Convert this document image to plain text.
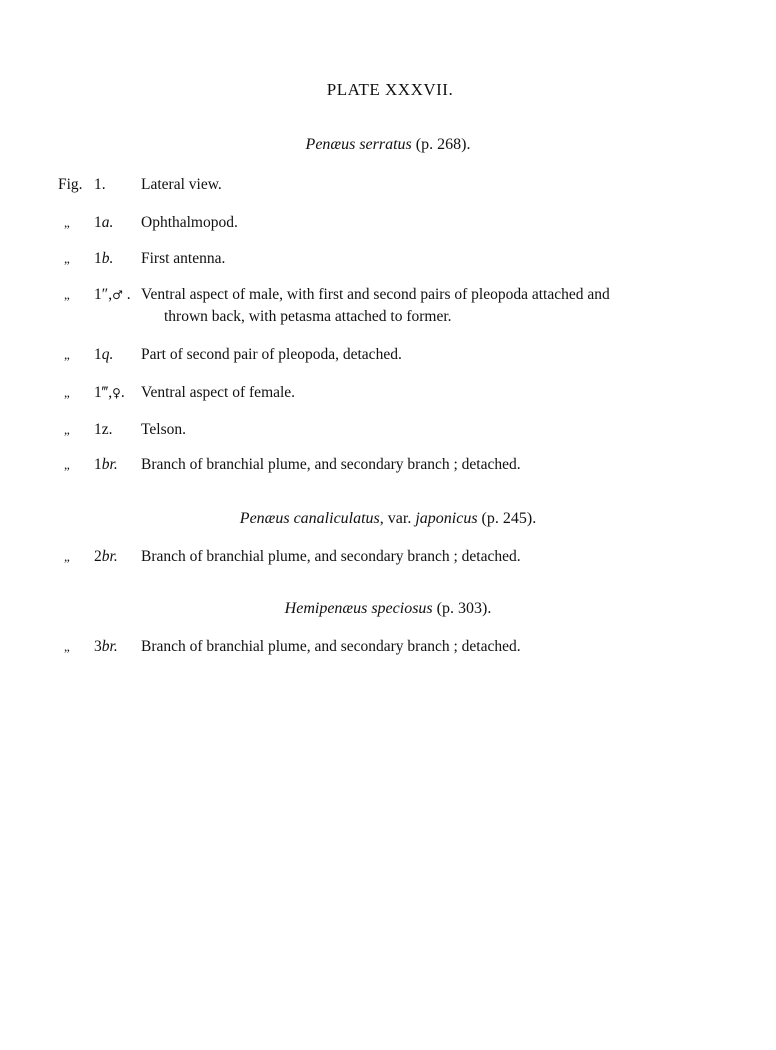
PLATE XXXVII.
Penæus serratus (p. 268).
Fig. 1. Lateral view.
„ 1a. Ophthalmopod.
„ 1b. First antenna.
„ 1″,♂ . Ventral aspect of male, with first and second pairs of pleopoda attached and
thrown back, with petasma attached to former.
„ 1q. Part of second pair of pleopoda, detached.
„ 1‴,♀. Ventral aspect of female.
„ 1z. Telson.
„ 1br. Branch of branchial plume, and secondary branch ; detached.
Penæus canaliculatus, var. japonicus (p. 245).
„ 2br. Branch of branchial plume, and secondary branch ; detached.
Hemipenæus speciosus (p. 303).
„ 3br. Branch of branchial plume, and secondary branch ; detached.
